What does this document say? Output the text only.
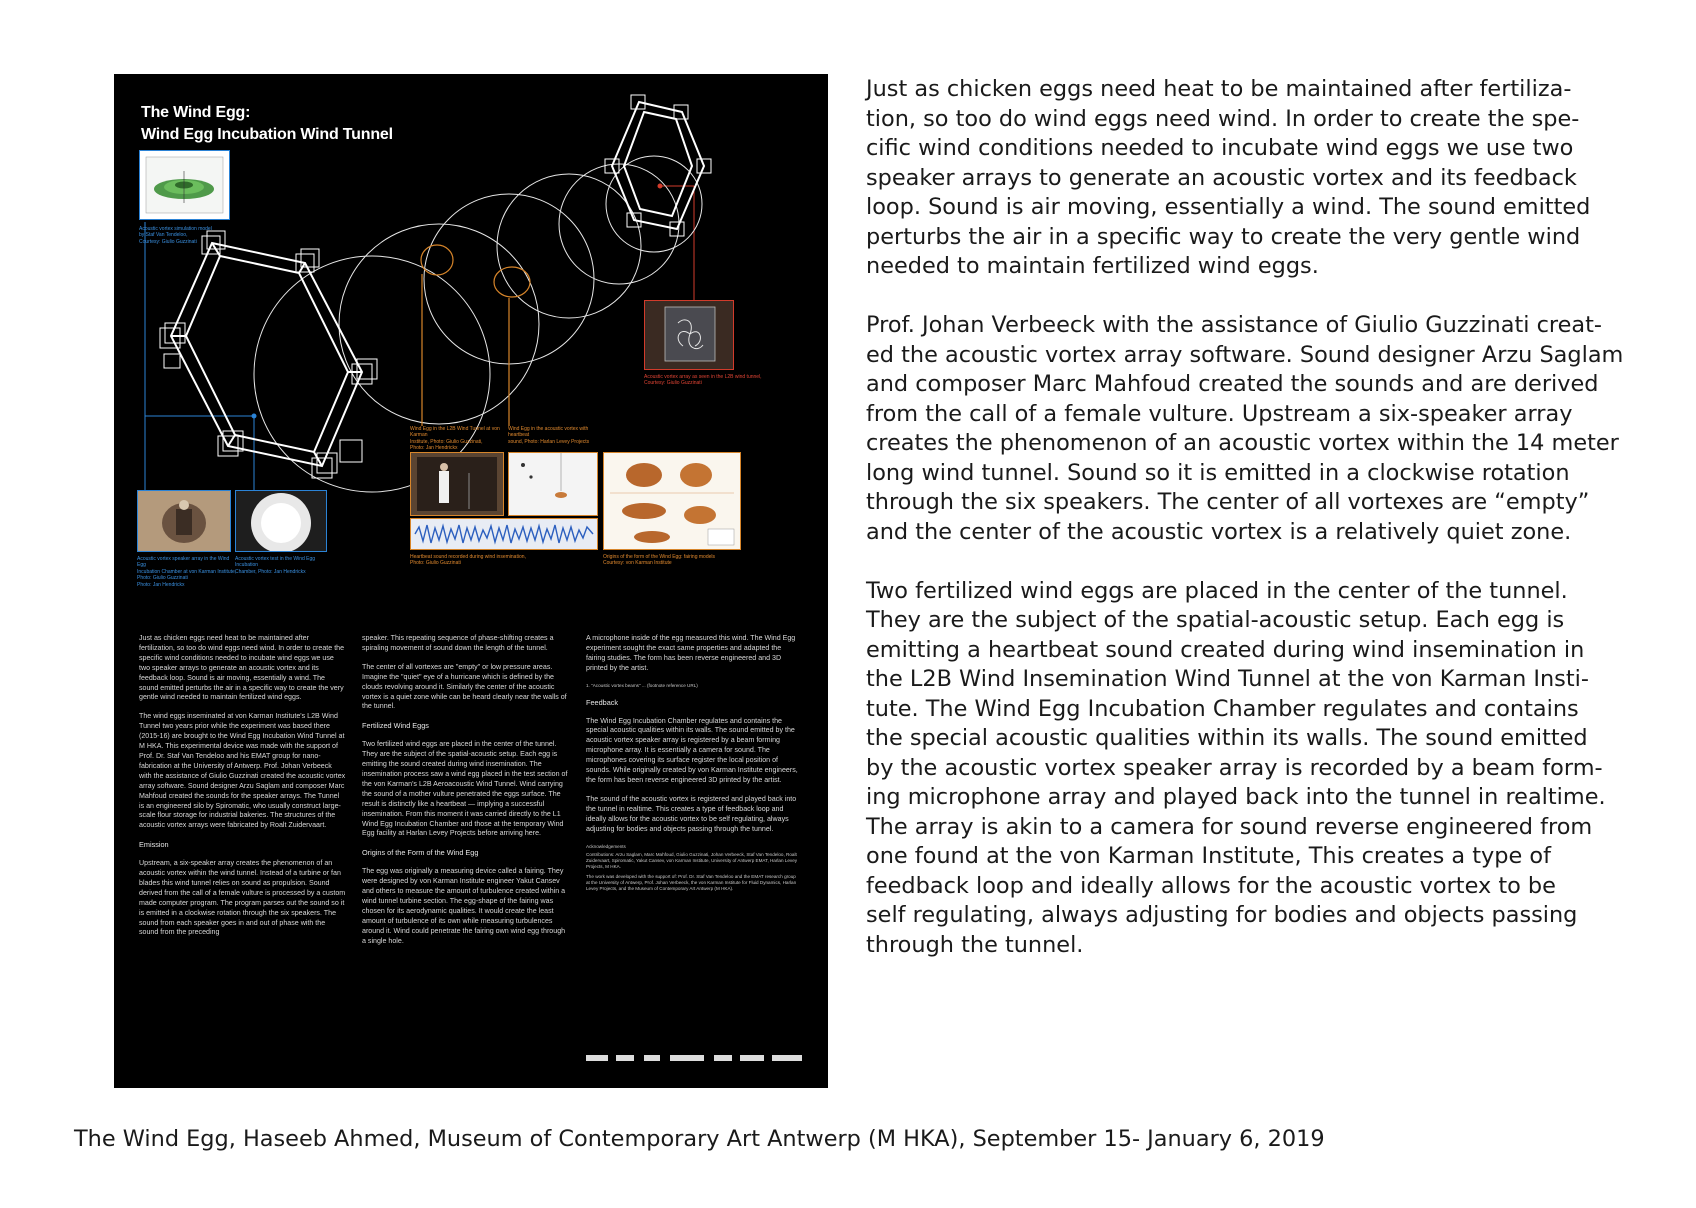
The Wind Egg:
Wind Egg Incubation Wind Tunnel
Acoustic vortex simulation model
by Staf Van Tendeloo,
Courtesy: Giulio Guzzinati
Acoustic vortex array as seen in the L2B wind tunnel,
Courtesy: Giulio Guzzinati
Acoustic vortex speaker array in the Wind Egg
Incubation Chamber at von Karman Institute,
Photo: Giulio Guzzinati
Photo: Jan Hendrickx
Acoustic vortex test in the Wind Egg Incubation
Chamber, Photo: Jan Hendrickx
Wind Egg in the L2B Wind Tunnel at von Karman
Institute, Photo: Giulio Guzzinati,
Photo: Jan Hendrickx
Wind Egg in the acoustic vortex with heartbeat
sound, Photo: Harlan Levey Projects
Heartbeat sound recorded during wind insemination,
Photo: Giulio Guzzinati
Origins of the form of the Wind Egg: fairing models
Courtesy: von Karman Institute

Just as chicken eggs need heat to be maintained after fertilization, so too do wind eggs need wind. In order to create the specific wind conditions needed to incubate wind eggs we use two speaker arrays to generate an acoustic vortex and its feedback loop. Sound is air moving, essentially a wind. The sound emitted perturbs the air in a specific way to create the very gentle wind needed to maintain fertilized wind eggs.

The wind eggs inseminated at von Karman Institute's L2B Wind Tunnel two years prior while the experiment was based there (2015-16) are brought to the Wind Egg Incubation Wind Tunnel at M HKA. This experimental device was made with the support of Prof. Dr. Staf Van Tendeloo and his EMAT group for nano-fabrication at the University of Antwerp. Prof. Johan Verbeeck with the assistance of Giulio Guzzinati created the acoustic vortex array software. Sound designer Arzu Saglam and composer Marc Mahfoud created the sounds for the speaker arrays. The Tunnel is an engineered silo by Spiromatic, who usually construct large-scale flour storage for industrial bakeries. The structures of the acoustic vortex arrays were fabricated by Roalt Zuidervaart.

Emission

Upstream, a six-speaker array creates the phenomenon of an acoustic vortex within the wind tunnel. Instead of a turbine or fan blades this wind tunnel relies on sound as propulsion. Sound derived from the call of a female vulture is processed by a custom made computer program. The program parses out the sound so it is emitted in a clockwise rotation through the six speakers. The sound from each speaker goes in and out of phase with the sound from the preceding

speaker. This repeating sequence of phase-shifting creates a spiraling movement of sound down the length of the tunnel.

The center of all vortexes are "empty" or low pressure areas. Imagine the "quiet" eye of a hurricane which is defined by the clouds revolving around it. Similarly the center of the acoustic vortex is a quiet zone while can be heard clearly near the walls of the tunnel.

Fertilized Wind Eggs

Two fertilized wind eggs are placed in the center of the tunnel. They are the subject of the spatial-acoustic setup. Each egg is emitting the sound created during wind insemination. The insemination process saw a wind egg placed in the test section of the von Karman's L2B Aeroacoustic Wind Tunnel. Wind carrying the sound of a mother vulture penetrated the eggs surface. The result is distinctly like a heartbeat — implying a successful insemination. From this moment it was carried directly to the L1 Wind Egg Incubation Chamber and those at the temporary Wind Egg facility at Harlan Levey Projects before arriving here.

Origins of the Form of the Wind Egg

The egg was originally a measuring device called a fairing. They were designed by von Karman Institute engineer Yakut Cansev and others to measure the amount of turbulence created within a wind tunnel turbine section. The egg-shape of the fairing was chosen for its aerodynamic qualities. It would create the least amount of turbulence of its own while measuring turbulences around it. Wind could penetrate the fairing own wind egg through a single hole.

A microphone inside of the egg measured this wind. The Wind Egg experiment sought the exact same properties and adapted the fairing studies. The form has been reverse engineered and 3D printed by the artist.

1. "Acoustic vortex beams" ... (footnote reference URL)

Feedback

The Wind Egg Incubation Chamber regulates and contains the special acoustic qualities within its walls. The sound emitted by the acoustic vortex speaker array is registered by a beam forming microphone array. It is essentially a camera for sound. The microphones covering its surface register the local position of sounds. While originally created by von Karman Institute engineers, the form has been reverse engineered 3D printed by the artist.

The sound of the acoustic vortex is registered and played back into the tunnel in realtime. This creates a type of feedback loop and ideally allows for the acoustic vortex to be self regulating, always adjusting for bodies and objects passing through the tunnel.

Acknowledgements

Contributions: Arzu Saglam, Marc Mahfoud, Giulio Guzzinati, Johan Verbeeck, Staf Van Tendeloo, Roalt Zuidervaart, Spiromatic, Yakut Cansev, von Karman Institute, University of Antwerp EMAT, Harlan Levey Projects, M HKA.

The work was developed with the support of: Prof. Dr. Staf Van Tendeloo and the EMAT research group at the University of Antwerp, Prof. Johan Verbeeck, the von Karman Institute for Fluid Dynamics, Harlan Levey Projects, and the Museum of Contemporary Art Antwerp (M HKA).

Just as chicken eggs need heat to be maintained after fertiliza-
tion, so too do wind eggs need wind. In order to create the spe-
cific wind conditions needed to incubate wind eggs we use two
speaker arrays to generate an acoustic vortex and its feedback
loop. Sound is air moving, essentially a wind. The sound emitted
perturbs the air in a specific way to create the very gentle wind
needed to maintain fertilized wind eggs.

Prof. Johan Verbeeck with the assistance of Giulio Guzzinati creat-
ed the acoustic vortex array software. Sound designer Arzu Saglam
and composer Marc Mahfoud created the sounds and are derived
from the call of a female vulture. Upstream a six-speaker array
creates the phenomenon of an acoustic vortex within the 14 meter
long wind tunnel. Sound so it is emitted in a clockwise rotation
through the six speakers. The center of all vortexes are “empty”
and the center of the acoustic vortex is a relatively quiet zone.

Two fertilized wind eggs are placed in the center of the tunnel.
They are the subject of the spatial-acoustic setup. Each egg is
emitting a heartbeat sound created during wind insemination in
the L2B Wind Insemination Wind Tunnel at the von Karman Insti-
tute. The Wind Egg Incubation Chamber regulates and contains
the special acoustic qualities within its walls. The sound emitted
by the acoustic vortex speaker array is recorded by a beam form-
ing microphone array and played back into the tunnel in realtime.
The array is akin to a camera for sound reverse engineered from
one found at the von Karman Institute, This creates a type of
feedback loop and ideally allows for the acoustic vortex to be
self regulating, always adjusting for bodies and objects passing
through the tunnel.

The Wind Egg, Haseeb Ahmed, Museum of Contemporary Art Antwerp (M HKA), September 15- January 6, 2019
